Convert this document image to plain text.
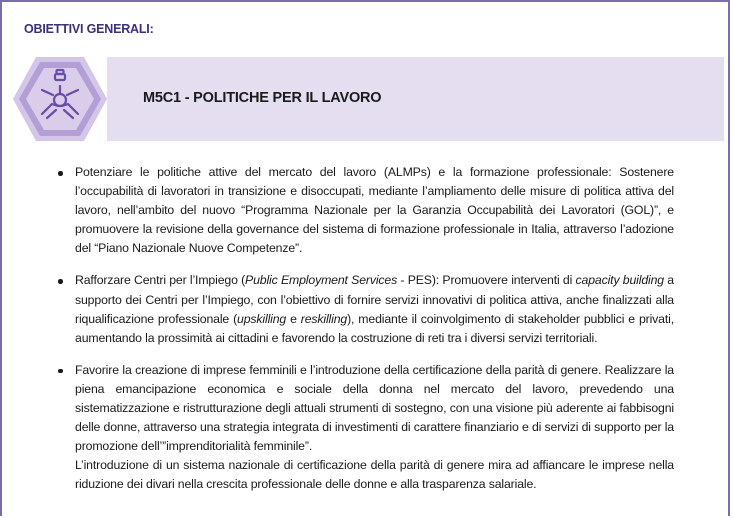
OBIETTIVI GENERALI:
M5C1 - POLITICHE PER IL LAVORO

Potenziare le politiche attive del mercato del lavoro (ALMPs) e la formazione professionale: Sostenere l’occupabilità di lavoratori in transizione e disoccupati, mediante l’ampliamento delle misure di politica attiva del lavoro, nell’ambito del nuovo “Programma Nazionale per la Garanzia Occupabilità dei Lavoratori (GOL)”, e promuovere la revisione della governance del sistema di formazione professionale in Italia, attraverso l’adozione del “Piano Nazionale Nuove Competenze”.

Rafforzare Centri per l’Impiego (Public Employment Services - PES): Promuovere interventi di capacity building a supporto dei Centri per l’Impiego, con l’obiettivo di fornire servizi innovativi di politica attiva, anche finalizzati alla riqualificazione professionale (upskilling e reskilling), mediante il coinvolgimento di stakeholder pubblici e privati, aumentando la prossimità ai cittadini e favorendo la costruzione di reti tra i diversi servizi territoriali.

Favorire la creazione di imprese femminili e l’introduzione della certificazione della parità di genere. Realizzare la piena emancipazione economica e sociale della donna nel mercato del lavoro, prevedendo una sistematizzazione e ristrutturazione degli attuali strumenti di sostegno, con una visione più aderente ai fabbisogni delle donne, attraverso una strategia integrata di investimenti di carattere finanziario e di servizi di supporto per la promozione dell’”imprenditorialità femminile”.

L’introduzione di un sistema nazionale di certificazione della parità di genere mira ad affiancare le imprese nella riduzione dei divari nella crescita professionale delle donne e alla trasparenza salariale.
